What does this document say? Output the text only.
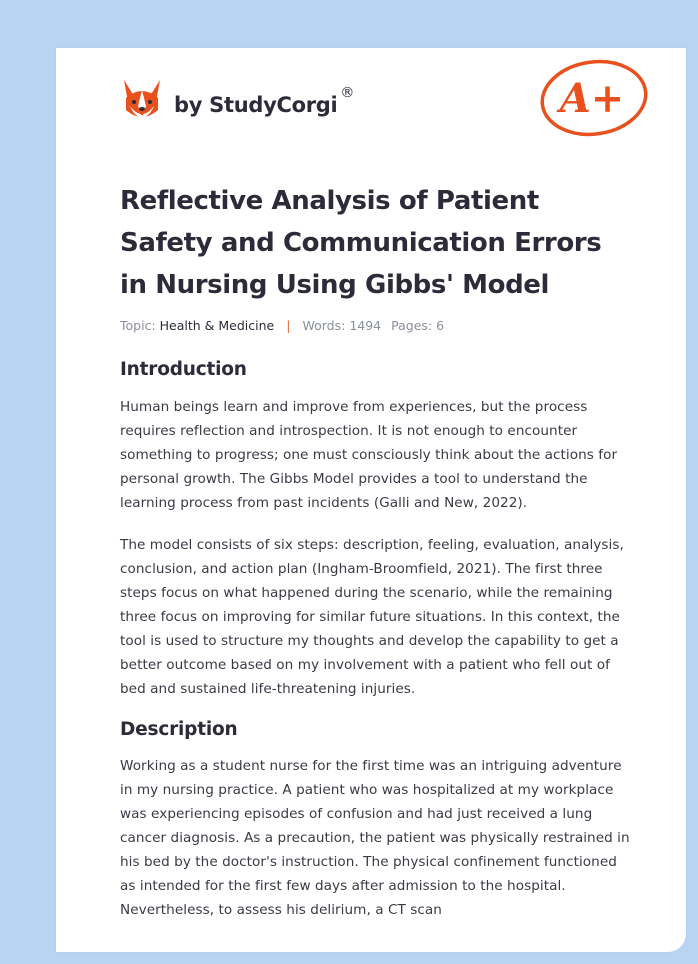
by StudyCorgi ®	A+
Reflective Analysis of Patient Safety and Communication Errors in Nursing Using Gibbs' Model
Topic: Health & Medicine | Words: 1494 Pages: 6
Introduction

Human beings learn and improve from experiences, but the process requires reflection and introspection. It is not enough to encounter something to progress; one must consciously think about the actions for personal growth. The Gibbs Model provides a tool to understand the learning process from past incidents (Galli and New, 2022).

The model consists of six steps: description, feeling, evaluation, analysis, conclusion, and action plan (Ingham-Broomfield, 2021). The first three steps focus on what happened during the scenario, while the remaining three focus on improving for similar future situations. In this context, the tool is used to structure my thoughts and develop the capability to get a better outcome based on my involvement with a patient who fell out of bed and sustained life-threatening injuries.

Description

Working as a student nurse for the first time was an intriguing adventure in my nursing practice. A patient who was hospitalized at my workplace was experiencing episodes of confusion and had just received a lung cancer diagnosis. As a precaution, the patient was physically restrained in his bed by the doctor's instruction. The physical confinement functioned as intended for the first few days after admission to the hospital. Nevertheless, to assess his delirium, a CT scan
